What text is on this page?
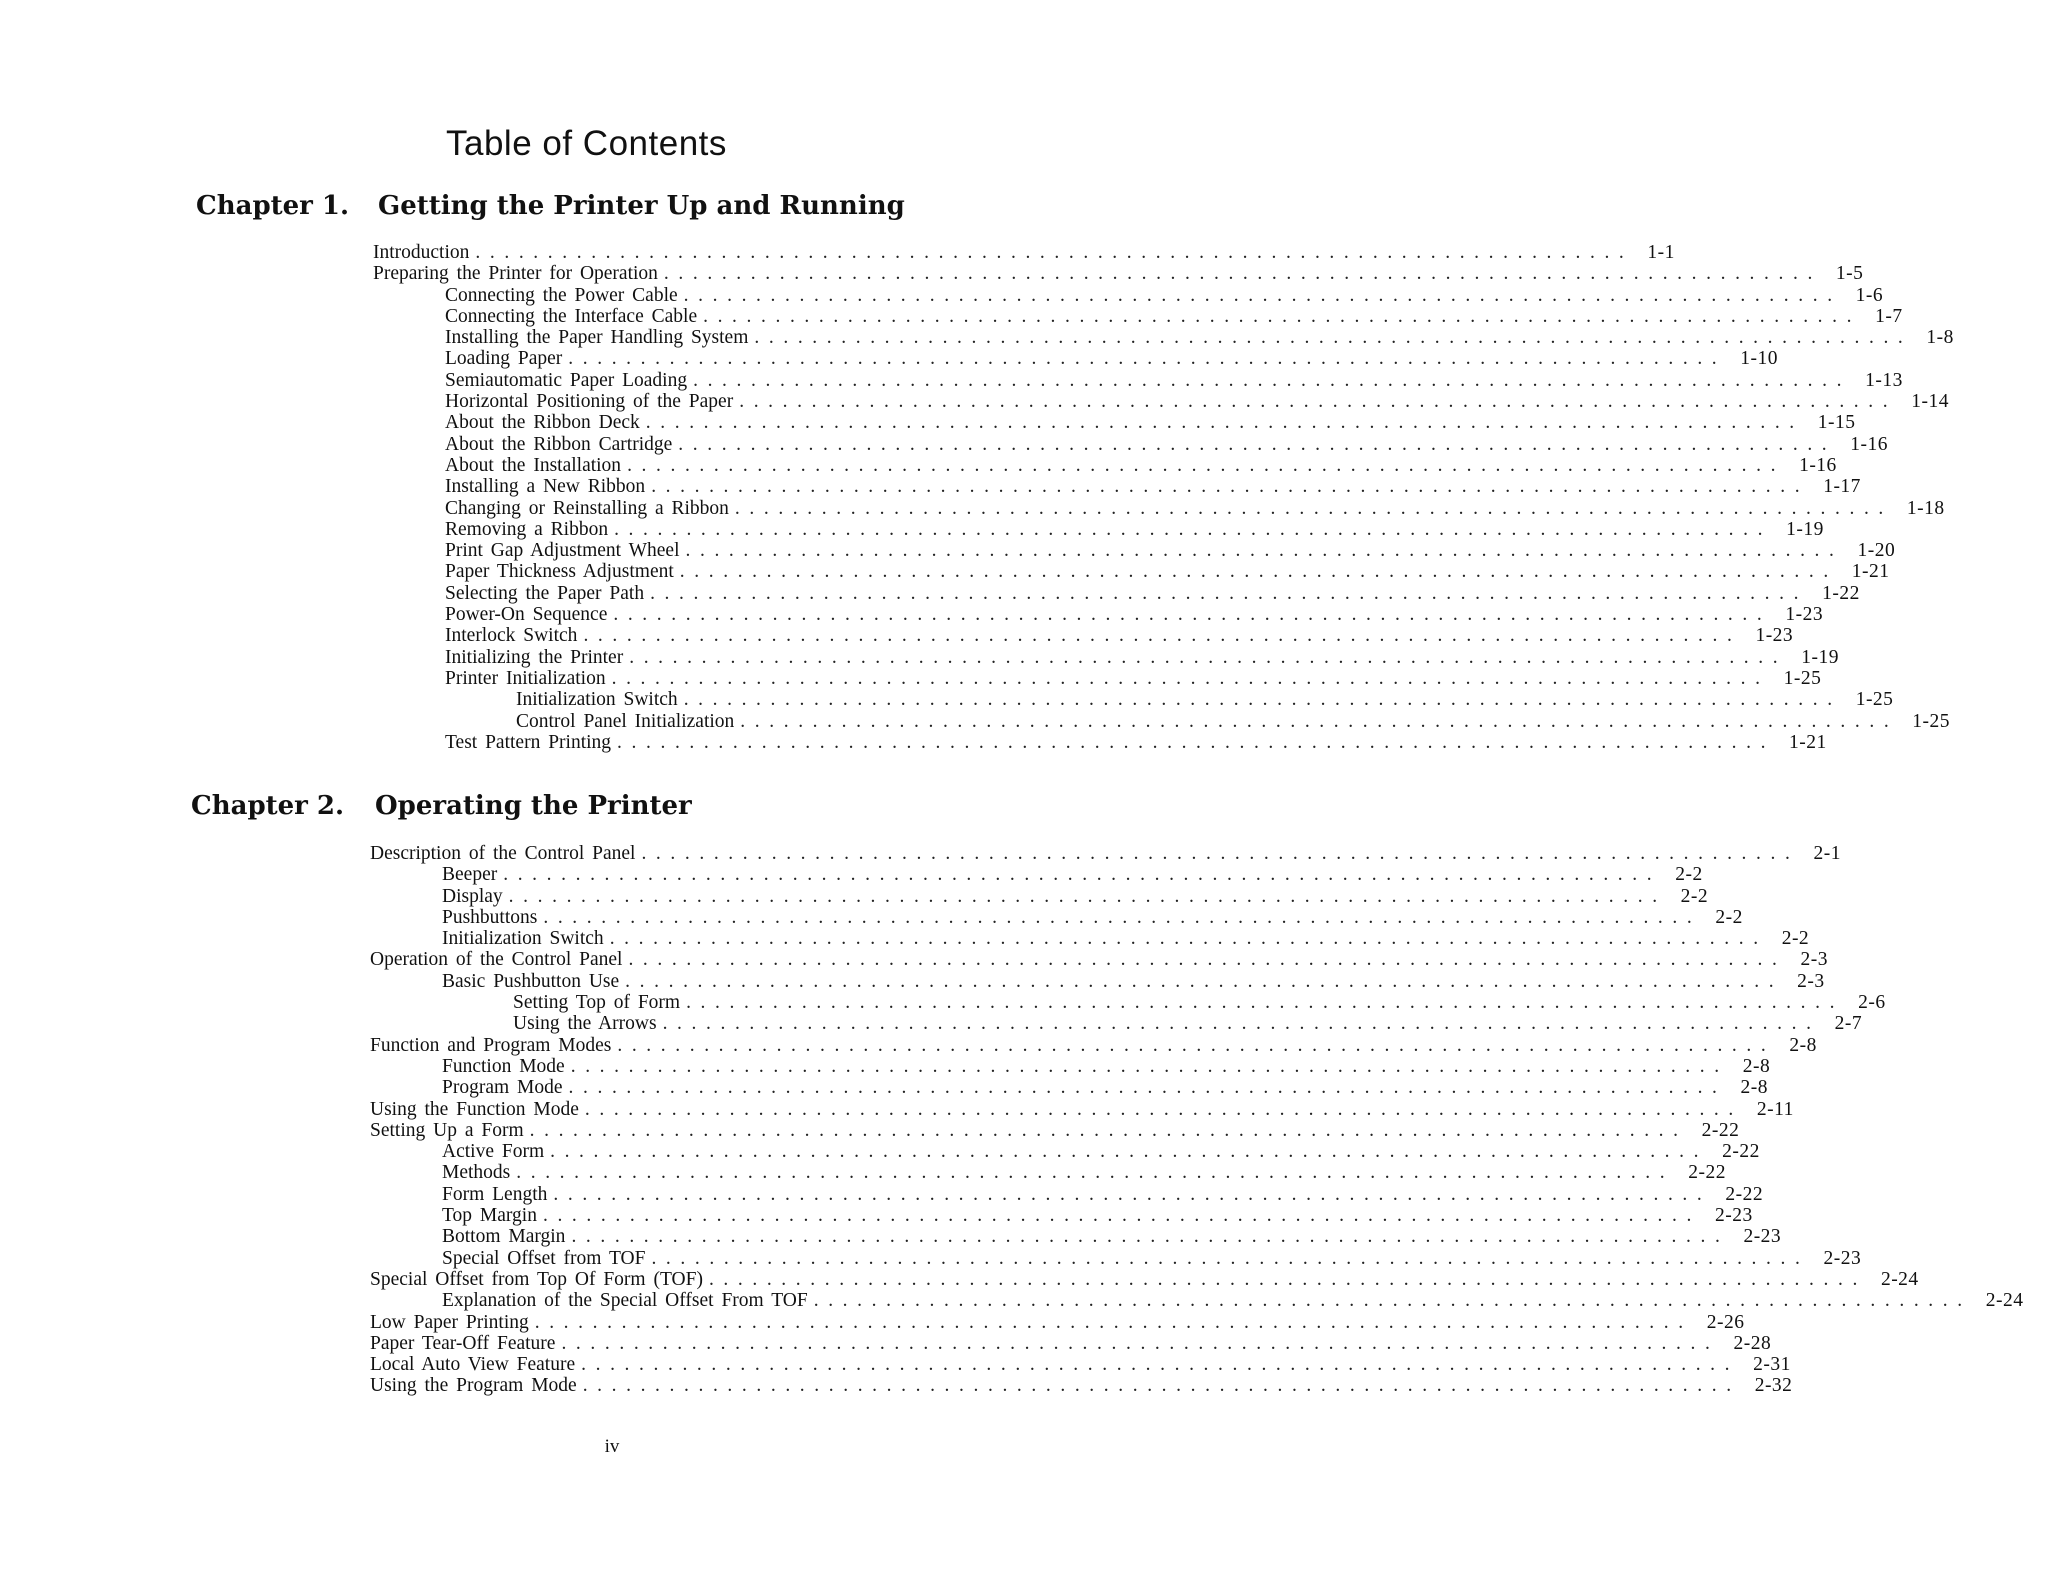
Table of Contents
Chapter 1. Getting the Printer Up and Running
Introduction ................................................................................ 1-1
Preparing the Printer for Operation ................................................................................ 1-5
Connecting the Power Cable ................................................................................ 1-6
Connecting the Interface Cable ................................................................................ 1-7
Installing the Paper Handling System ................................................................................ 1-8
Loading Paper ................................................................................ 1-10
Semiautomatic Paper Loading ................................................................................ 1-13
Horizontal Positioning of the Paper ................................................................................ 1-14
About the Ribbon Deck ................................................................................ 1-15
About the Ribbon Cartridge ................................................................................ 1-16
About the Installation ................................................................................ 1-16
Installing a New Ribbon ................................................................................ 1-17
Changing or Reinstalling a Ribbon ................................................................................ 1-18
Removing a Ribbon ................................................................................ 1-19
Print Gap Adjustment Wheel ................................................................................ 1-20
Paper Thickness Adjustment ................................................................................ 1-21
Selecting the Paper Path ................................................................................ 1-22
Power-On Sequence ................................................................................ 1-23
Interlock Switch ................................................................................ 1-23
Initializing the Printer ................................................................................ 1-19
Printer Initialization ................................................................................ 1-25
Initialization Switch ................................................................................ 1-25
Control Panel Initialization ................................................................................ 1-25
Test Pattern Printing ................................................................................ 1-21
Chapter 2. Operating the Printer
Description of the Control Panel ................................................................................ 2-1
Beeper ................................................................................ 2-2
Display ................................................................................ 2-2
Pushbuttons ................................................................................ 2-2
Initialization Switch ................................................................................ 2-2
Operation of the Control Panel ................................................................................ 2-3
Basic Pushbutton Use ................................................................................ 2-3
Setting Top of Form ................................................................................ 2-6
Using the Arrows ................................................................................ 2-7
Function and Program Modes ................................................................................ 2-8
Function Mode ................................................................................ 2-8
Program Mode ................................................................................ 2-8
Using the Function Mode ................................................................................ 2-11
Setting Up a Form ................................................................................ 2-22
Active Form ................................................................................ 2-22
Methods ................................................................................ 2-22
Form Length ................................................................................ 2-22
Top Margin ................................................................................ 2-23
Bottom Margin ................................................................................ 2-23
Special Offset from TOF ................................................................................ 2-23
Special Offset from Top Of Form (TOF) ................................................................................ 2-24
Explanation of the Special Offset From TOF ................................................................................ 2-24
Low Paper Printing ................................................................................ 2-26
Paper Tear-Off Feature ................................................................................ 2-28
Local Auto View Feature ................................................................................ 2-31
Using the Program Mode ................................................................................ 2-32
iv
